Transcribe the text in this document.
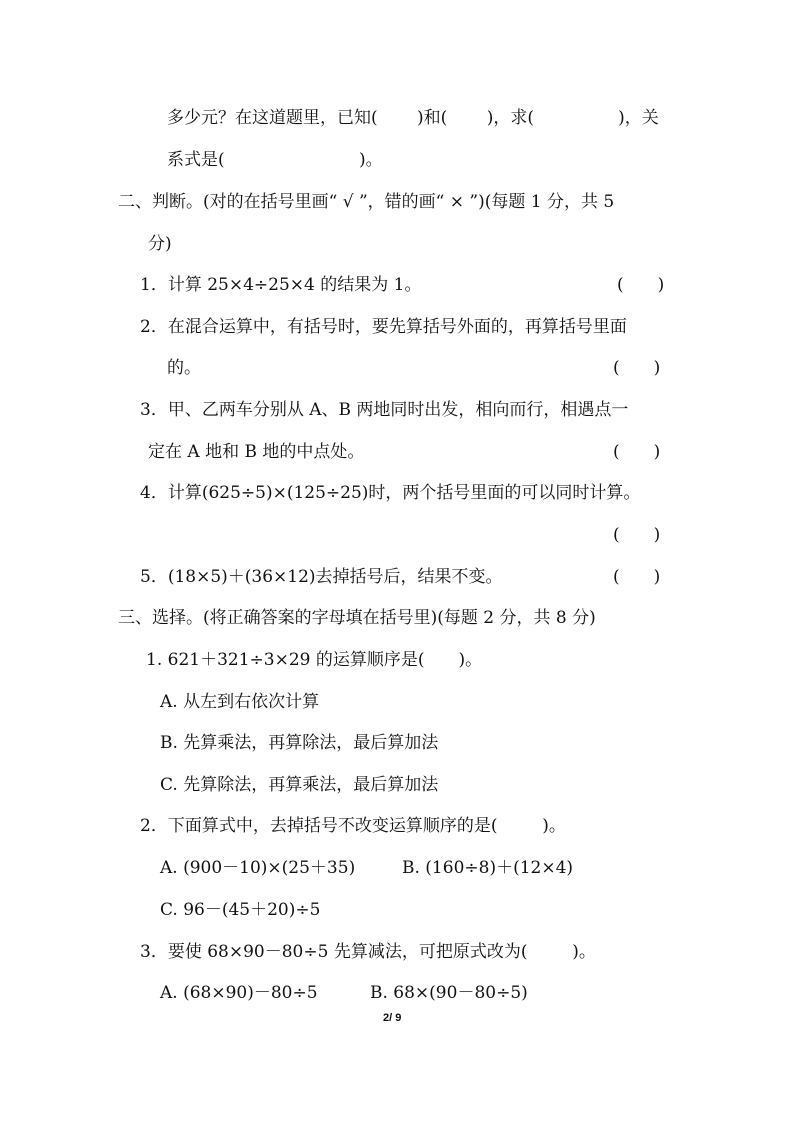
多少元？在这道题里，已知(　 　)和(　 　)，求(　 　 　 　)，关
系式是(　 　 　 　 　 　 )。
二、判断。(对的在括号里画“ √ ”，错的画“ × ”)(每题 1 分，共 5
分)
1．计算 25×4÷25×4 的结果为 1。	(　　)
2．在混合运算中，有括号时，要先算括号外面的，再算括号里面
的。	(　　)
3．甲、乙两车分别从 A、B 两地同时出发，相向而行，相遇点一
定在 A 地和 B 地的中点处。	(　　)
4．计算(625÷5)×(125÷25)时，两个括号里面的可以同时计算。
(　　)
5．(18×5)＋(36×12)去掉括号后，结果不变。	(　　)
三、选择。(将正确答案的字母填在括号里)(每题 2 分，共 8 分)
1. 621＋321÷3×29 的运算顺序是(　　)。
A. 从左到右依次计算
B. 先算乘法，再算除法，最后算加法
C. 先算除法，再算乘法，最后算加法
2．下面算式中，去掉括号不改变运算顺序的是(　 　 )。
A. (900－10)×(25＋35)	B. (160÷8)＋(12×4)
C. 96－(45＋20)÷5
3．要使 68×90－80÷5 先算减法，可把原式改为(　 　 )。
A. (68×90)－80÷5	B. 68×(90－80÷5)
2/ 9
